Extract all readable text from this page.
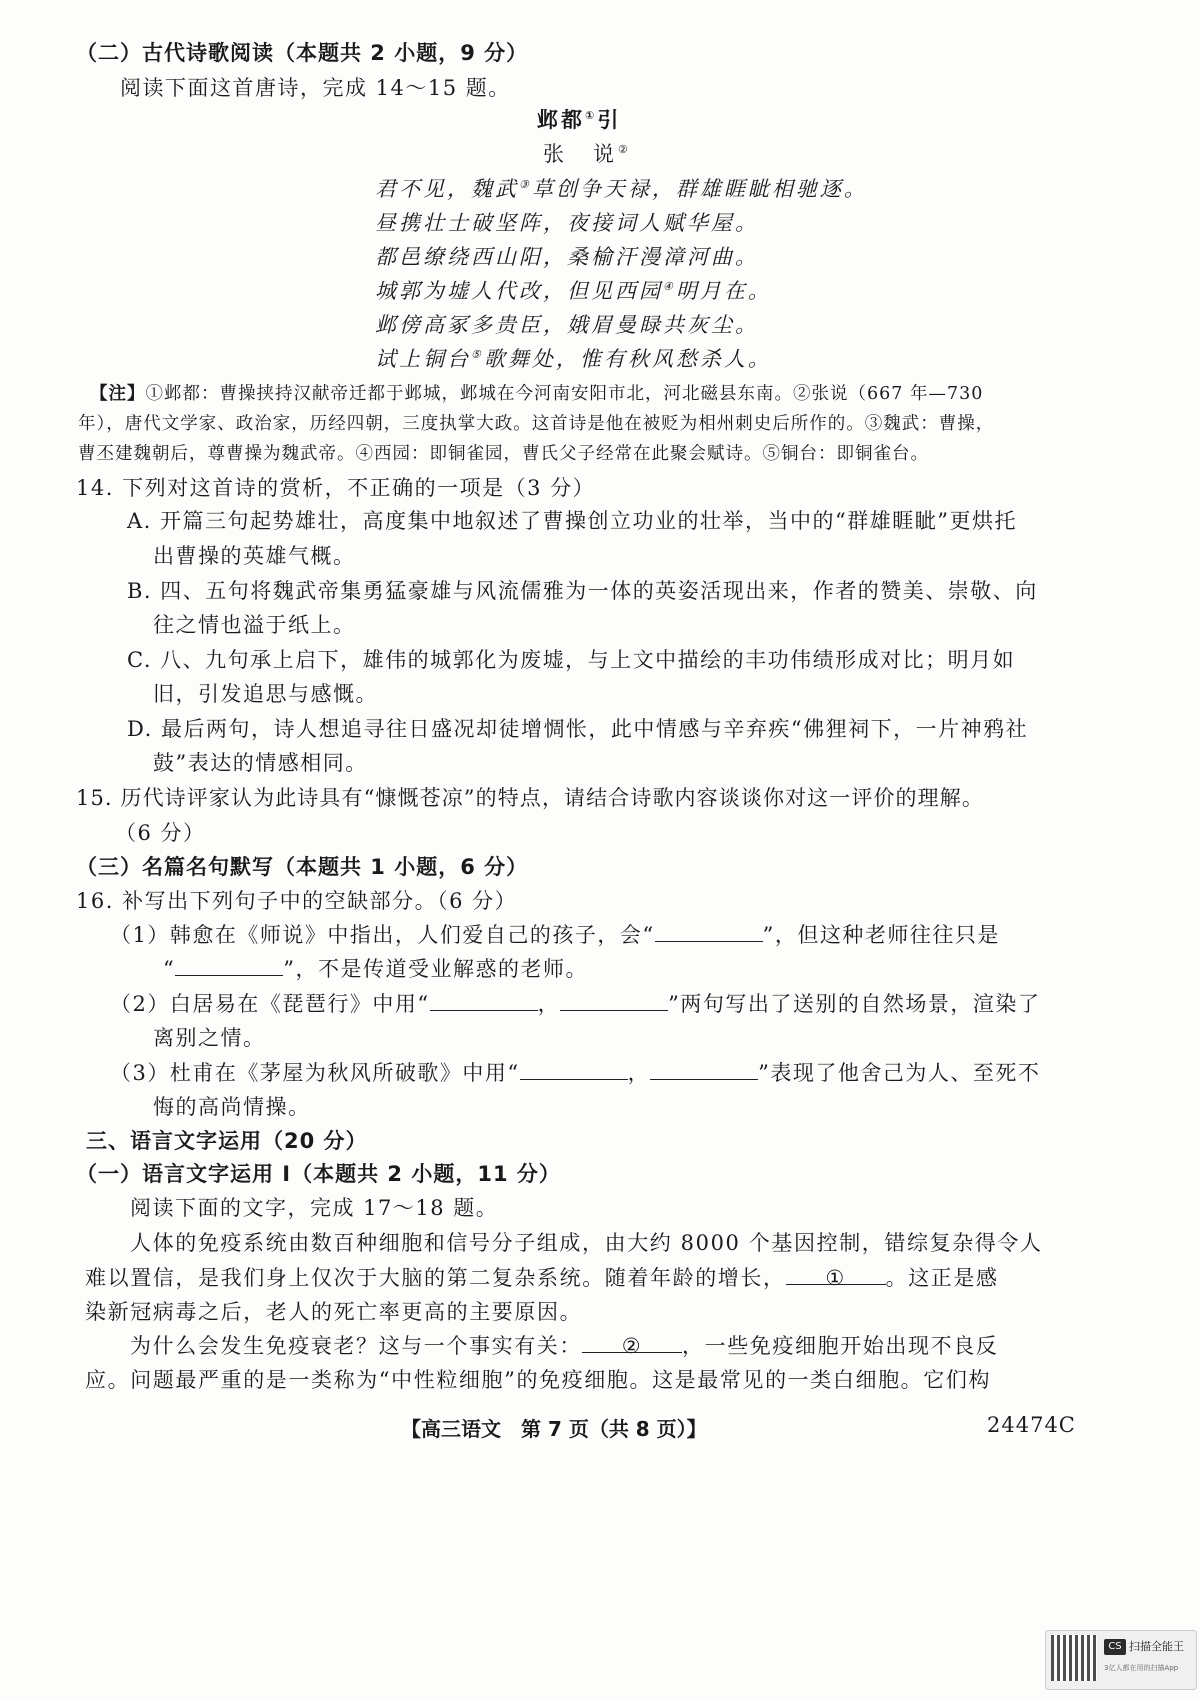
（二）古代诗歌阅读（本题共 2 小题，9 分）
阅读下面这首唐诗，完成 14～15 题。
邺都①引
张　说②
君不见，魏武③草创争天禄，群雄睚眦相驰逐。
昼携壮士破坚阵，夜接词人赋华屋。
都邑缭绕西山阳，桑榆汗漫漳河曲。
城郭为墟人代改，但见西园④明月在。
邺傍高冢多贵臣，娥眉曼睩共灰尘。
试上铜台⑤歌舞处，惟有秋风愁杀人。
【注】①邺都：曹操挟持汉献帝迁都于邺城，邺城在今河南安阳市北，河北磁县东南。②张说（667 年—730
年），唐代文学家、政治家，历经四朝，三度执掌大政。这首诗是他在被贬为相州刺史后所作的。③魏武：曹操，
曹丕建魏朝后，尊曹操为魏武帝。④西园：即铜雀园，曹氏父子经常在此聚会赋诗。⑤铜台：即铜雀台。
14. 下列对这首诗的赏析，不正确的一项是（3 分）
A. 开篇三句起势雄壮，高度集中地叙述了曹操创立功业的壮举，当中的“群雄睚眦”更烘托
出曹操的英雄气概。
B. 四、五句将魏武帝集勇猛豪雄与风流儒雅为一体的英姿活现出来，作者的赞美、崇敬、向
往之情也溢于纸上。
C. 八、九句承上启下，雄伟的城郭化为废墟，与上文中描绘的丰功伟绩形成对比；明月如
旧，引发追思与感慨。
D. 最后两句，诗人想追寻往日盛况却徒增惆怅，此中情感与辛弃疾“佛狸祠下，一片神鸦社
鼓”表达的情感相同。
15. 历代诗评家认为此诗具有“慷慨苍凉”的特点，请结合诗歌内容谈谈你对这一评价的理解。
（6 分）
（三）名篇名句默写（本题共 1 小题，6 分）
16. 补写出下列句子中的空缺部分。（6 分）
（1）韩愈在《师说》中指出，人们爱自己的孩子，会“	”，但这种老师往往只是
“	”，不是传道受业解惑的老师。
（2）白居易在《琵琶行》中用“	，	”两句写出了送别的自然场景，渲染了
离别之情。
（3）杜甫在《茅屋为秋风所破歌》中用“	，	”表现了他舍己为人、至死不
悔的高尚情操。
三、语言文字运用（20 分）
（一）语言文字运用 Ⅰ（本题共 2 小题，11 分）
阅读下面的文字，完成 17～18 题。
人体的免疫系统由数百种细胞和信号分子组成，由大约 8000 个基因控制，错综复杂得令人
难以置信，是我们身上仅次于大脑的第二复杂系统。随着年龄的增长， ① 。这正是感
染新冠病毒之后，老人的死亡率更高的主要原因。
为什么会发生免疫衰老？这与一个事实有关： ② ，一些免疫细胞开始出现不良反
应。问题最严重的是一类称为“中性粒细胞”的免疫细胞。这是最常见的一类白细胞。它们构
【高三语文　第 7 页（共 8 页）】	24474C
CS 扫描全能王
3亿人都在用的扫描App
